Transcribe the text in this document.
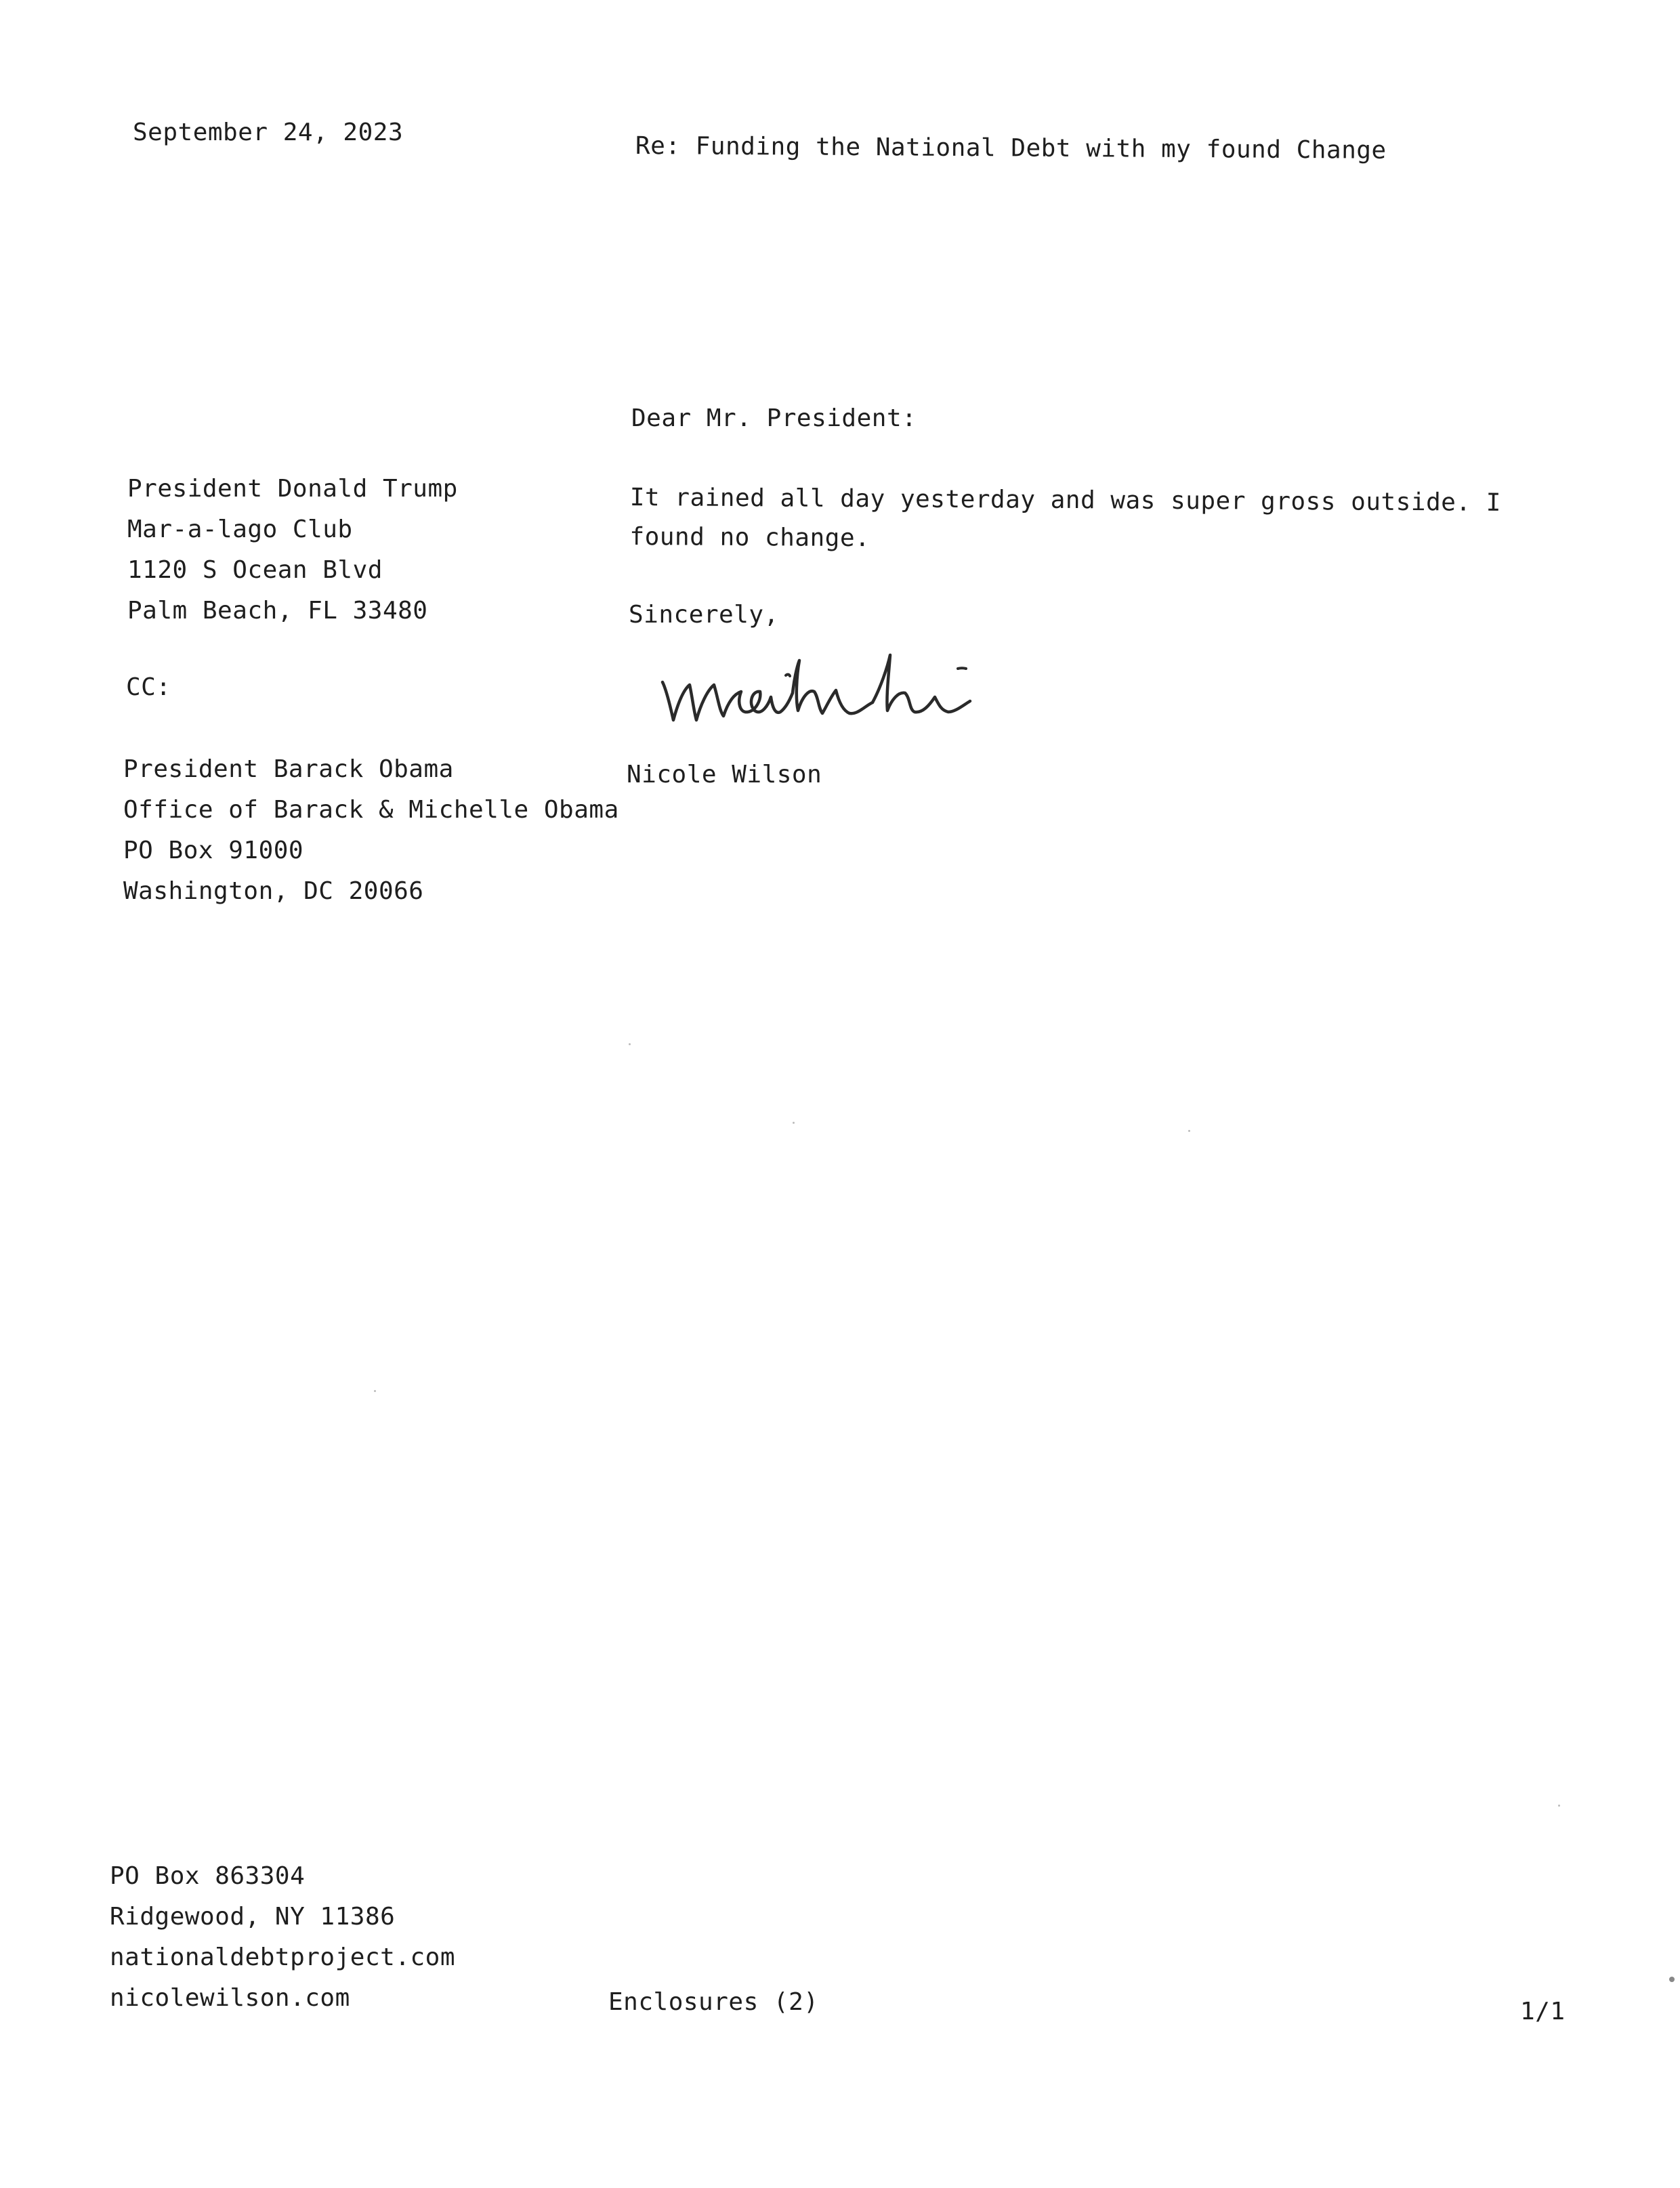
September 24, 2023	Re: Funding the National Debt with my found Change
Dear Mr. President:
President Donald Trump
Mar-a-lago Club
1120 S Ocean Blvd
Palm Beach, FL 33480
It rained all day yesterday and was super gross outside. I found no change.
Sincerely,
CC:
Nicole Wilson
President Barack Obama
Office of Barack & Michelle Obama
PO Box 91000
Washington, DC 20066
PO Box 863304
Ridgewood, NY 11386
nationaldebtproject.com
nicolewilson.com	Enclosures (2)	1/1
